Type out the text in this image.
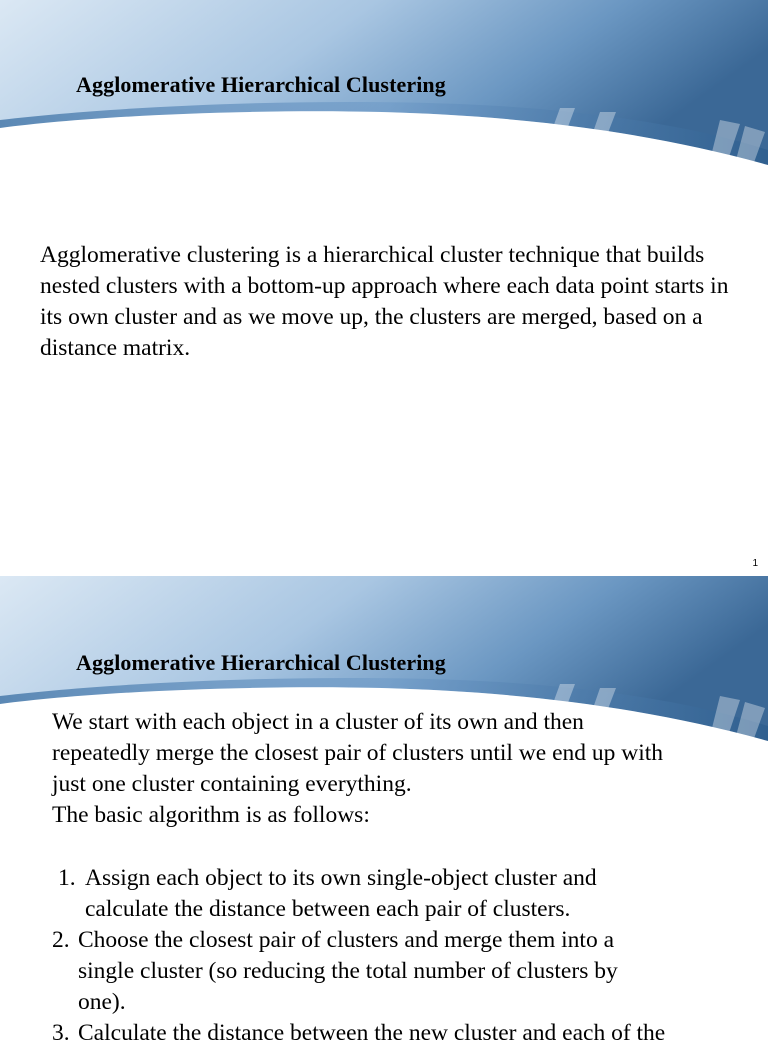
Agglomerative Hierarchical Clustering
Agglomerative clustering is a hierarchical cluster technique that builds nested clusters with a bottom-up approach where each data point starts in its own cluster and as we move up, the clusters are merged, based on a distance matrix.
1
Agglomerative Hierarchical Clustering
We start with each object in a cluster of its own and then
repeatedly merge the closest pair of clusters until we end up with
just one cluster containing everything.
The basic algorithm is as follows:
1. Assign each object to its own single-object cluster and
calculate the distance between each pair of clusters.
2. Choose the closest pair of clusters and merge them into a
single cluster (so reducing the total number of clusters by
one).
3. Calculate the distance between the new cluster and each of the
